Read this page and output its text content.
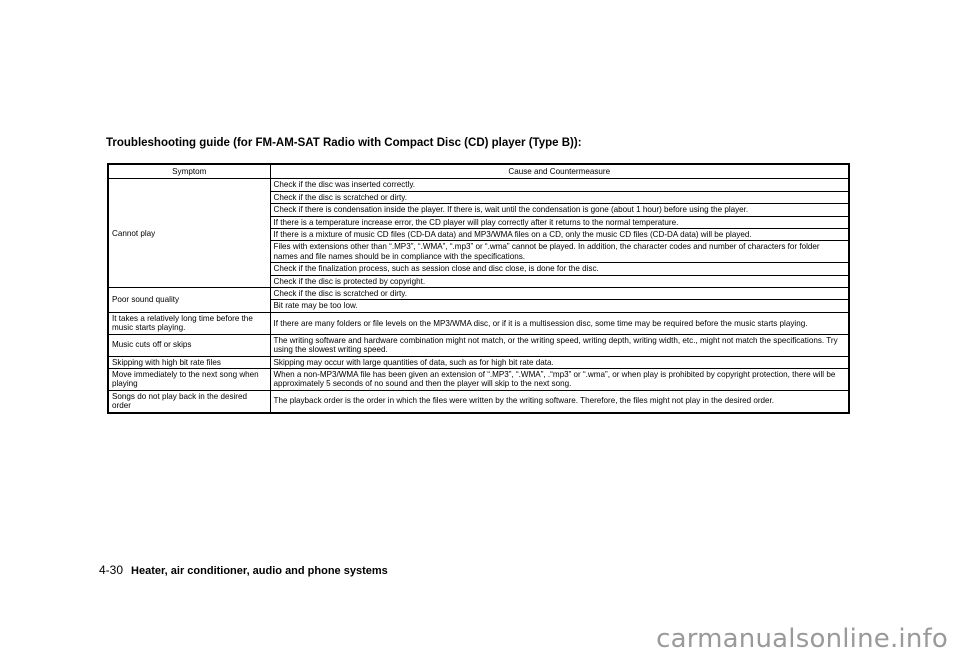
Troubleshooting guide (for FM-AM-SAT Radio with Compact Disc (CD) player (Type B)):
Symptom	Cause and Countermeasure
Cannot play	Check if the disc was inserted correctly.
	Check if the disc is scratched or dirty.
	Check if there is condensation inside the player. If there is, wait until the condensation is gone (about 1 hour) before using the player.
	If there is a temperature increase error, the CD player will play correctly after it returns to the normal temperature.
	If there is a mixture of music CD files (CD-DA data) and MP3/WMA files on a CD, only the music CD files (CD-DA data) will be played.
	Files with extensions other than “.MP3”, “.WMA”, “.mp3” or “.wma” cannot be played. In addition, the character codes and number of characters for folder names and file names should be in compliance with the specifications.
	Check if the finalization process, such as session close and disc close, is done for the disc.
	Check if the disc is protected by copyright.
Poor sound quality	Check if the disc is scratched or dirty.
	Bit rate may be too low.
It takes a relatively long time before the music starts playing.	If there are many folders or file levels on the MP3/WMA disc, or if it is a multisession disc, some time may be required before the music starts playing.
Music cuts off or skips	The writing software and hardware combination might not match, or the writing speed, writing depth, writing width, etc., might not match the specifications. Try using the slowest writing speed.
Skipping with high bit rate files	Skipping may occur with large quantities of data, such as for high bit rate data.
Move immediately to the next song when playing	When a non-MP3/WMA file has been given an extension of “.MP3”, “.WMA”, .“mp3” or “.wma”, or when play is prohibited by copyright protection, there will be approximately 5 seconds of no sound and then the player will skip to the next song.
Songs do not play back in the desired order	The playback order is the order in which the files were written by the writing software. Therefore, the files might not play in the desired order.
4-30 Heater, air conditioner, audio and phone systems
carmanualsonline.info
